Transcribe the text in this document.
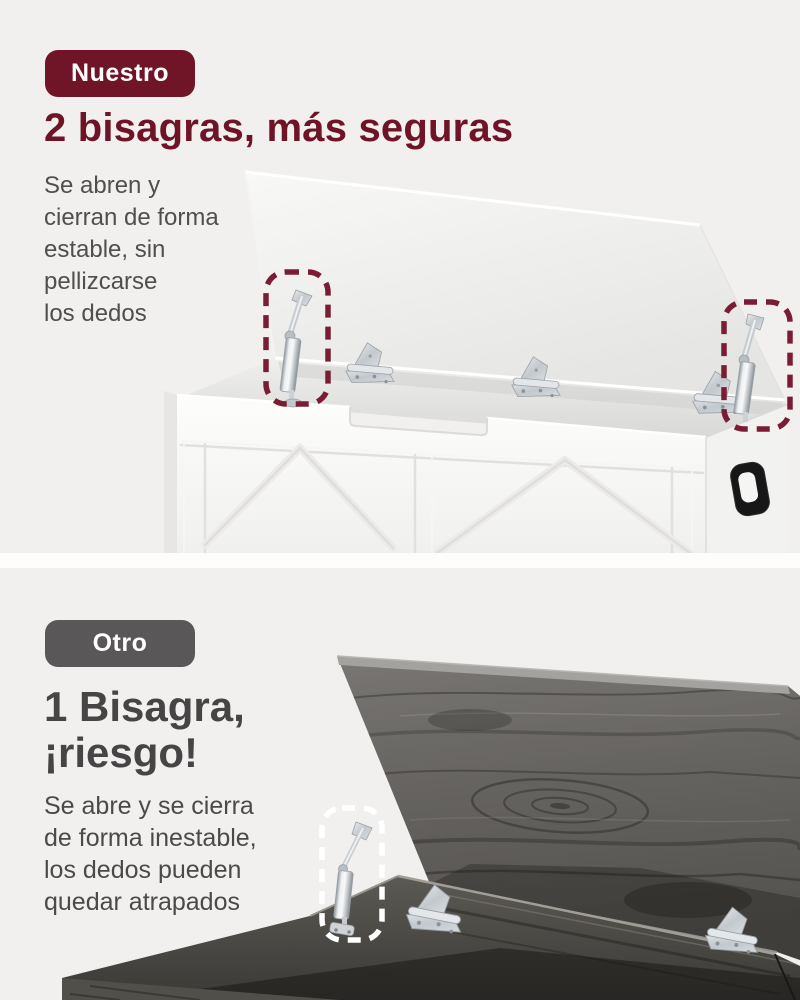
Nuestro
2 bisagras, más seguras

Se abren y
cierran de forma
estable, sin
pellizcarse
los dedos

Otro
1 Bisagra,
¡riesgo!

Se abre y se cierra
de forma inestable,
los dedos pueden
quedar atrapados
